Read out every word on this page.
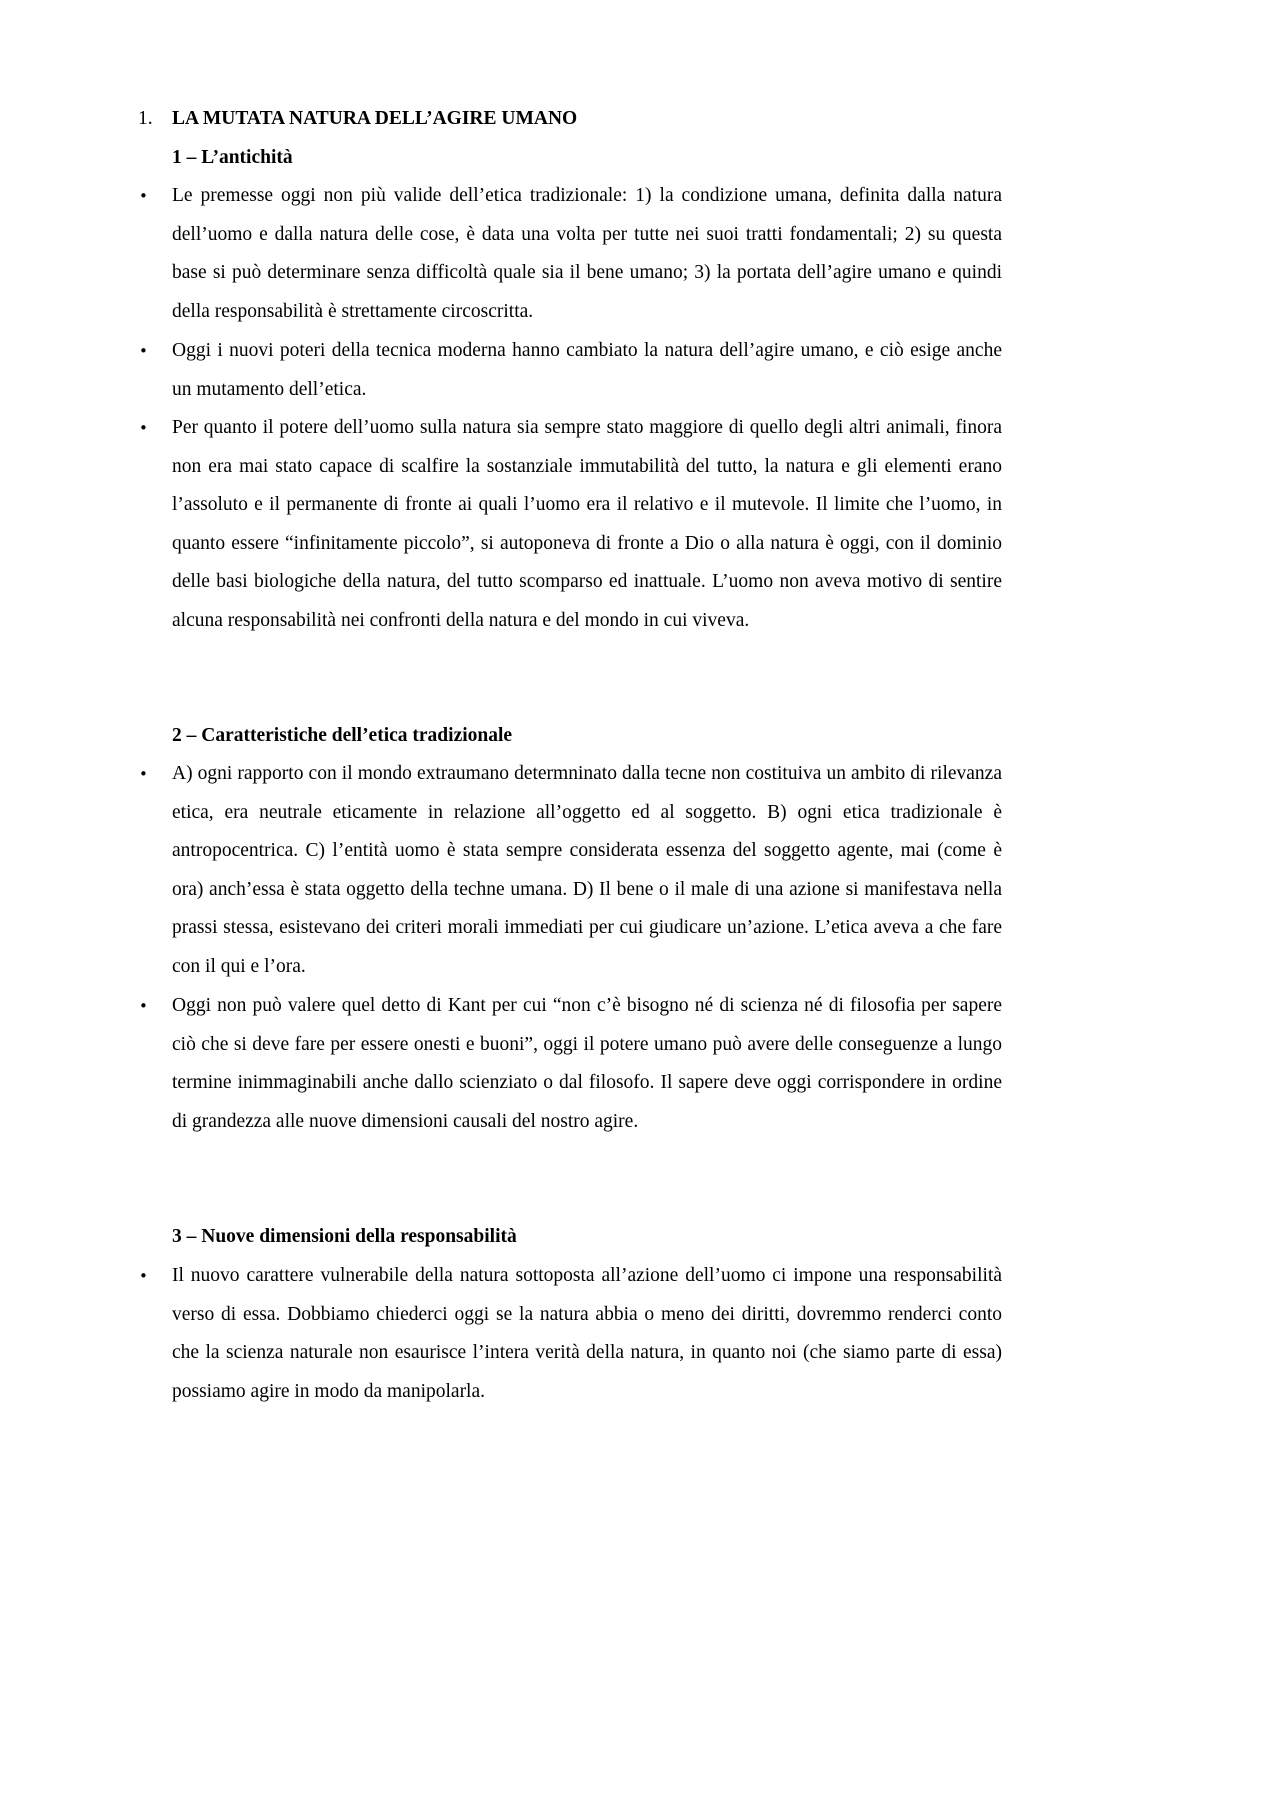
1. LA MUTATA NATURA DELL’AGIRE UMANO
1 – L’antichità
• Le premesse oggi non più valide dell’etica tradizionale: 1) la condizione umana, definita dalla natura dell’uomo e dalla natura delle cose, è data una volta per tutte nei suoi tratti fondamentali; 2) su questa base si può determinare senza difficoltà quale sia il bene umano; 3) la portata dell’agire umano e quindi della responsabilità è strettamente circoscritta.
• Oggi i nuovi poteri della tecnica moderna hanno cambiato la natura dell’agire umano, e ciò esige anche un mutamento dell’etica.
• Per quanto il potere dell’uomo sulla natura sia sempre stato maggiore di quello degli altri animali, finora non era mai stato capace di scalfire la sostanziale immutabilità del tutto, la natura e gli elementi erano l’assoluto e il permanente di fronte ai quali l’uomo era il relativo e il mutevole. Il limite che l’uomo, in quanto essere “infinitamente piccolo”, si autoponeva di fronte a Dio o alla natura è oggi, con il dominio delle basi biologiche della natura, del tutto scomparso ed inattuale. L’uomo non aveva motivo di sentire alcuna responsabilità nei confronti della natura e del mondo in cui viveva.
2 – Caratteristiche dell’etica tradizionale
• A) ogni rapporto con il mondo extraumano determninato dalla tecne non costituiva un ambito di rilevanza etica, era neutrale eticamente in relazione all’oggetto ed al soggetto. B) ogni etica tradizionale è antropocentrica. C) l’entità uomo è stata sempre considerata essenza del soggetto agente, mai (come è ora) anch’essa è stata oggetto della techne umana. D) Il bene o il male di una azione si manifestava nella prassi stessa, esistevano dei criteri morali immediati per cui giudicare un’azione. L’etica aveva a che fare con il qui e l’ora.
• Oggi non può valere quel detto di Kant per cui “non c’è bisogno né di scienza né di filosofia per sapere ciò che si deve fare per essere onesti e buoni”, oggi il potere umano può avere delle conseguenze a lungo termine inimmaginabili anche dallo scienziato o dal filosofo. Il sapere deve oggi corrispondere in ordine di grandezza alle nuove dimensioni causali del nostro agire.
3 – Nuove dimensioni della responsabilità
• Il nuovo carattere vulnerabile della natura sottoposta all’azione dell’uomo ci impone una responsabilità verso di essa. Dobbiamo chiederci oggi se la natura abbia o meno dei diritti, dovremmo renderci conto che la scienza naturale non esaurisce l’intera verità della natura, in quanto noi (che siamo parte di essa) possiamo agire in modo da manipolarla.
